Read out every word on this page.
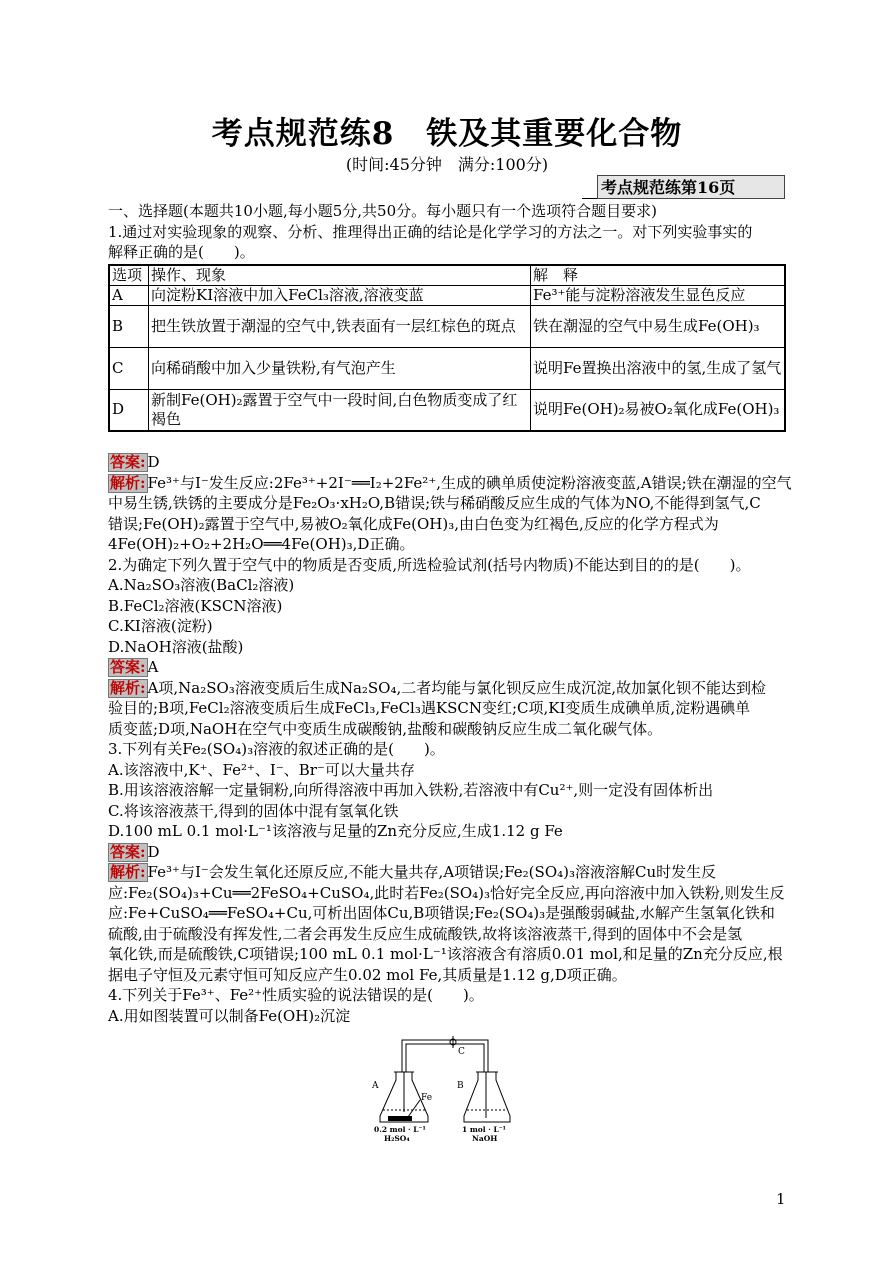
考点规范练8　铁及其重要化合物
(时间:45分钟　满分:100分)
考点规范练第16页
一、选择题(本题共10小题,每小题5分,共50分。每小题只有一个选项符合题目要求)
1.通过对实验现象的观察、分析、推理得出正确的结论是化学学习的方法之一。对下列实验事实的
解释正确的是(　　)。
选项	操作、现象	解　释
A	向淀粉KI溶液中加入FeCl₃溶液,溶液变蓝	Fe³⁺能与淀粉溶液发生显色反应
B	把生铁放置于潮湿的空气中,铁表面有一层红棕色的斑点	铁在潮湿的空气中易生成Fe(OH)₃
C	向稀硝酸中加入少量铁粉,有气泡产生	说明Fe置换出溶液中的氢,生成了氢气
D	新制Fe(OH)₂露置于空气中一段时间,白色物质变成了红褐色	说明Fe(OH)₂易被O₂氧化成Fe(OH)₃
答案: D
解析: Fe³⁺与I⁻发生反应:2Fe³⁺+2I⁻══I₂+2Fe²⁺,生成的碘单质使淀粉溶液变蓝,A错误;铁在潮湿的空气
中易生锈,铁锈的主要成分是Fe₂O₃·xH₂O,B错误;铁与稀硝酸反应生成的气体为NO,不能得到氢气,C
错误;Fe(OH)₂露置于空气中,易被O₂氧化成Fe(OH)₃,由白色变为红褐色,反应的化学方程式为
4Fe(OH)₂+O₂+2H₂O══4Fe(OH)₃,D正确。
2.为确定下列久置于空气中的物质是否变质,所选检验试剂(括号内物质)不能达到目的的是(　　)。
A.Na₂SO₃溶液(BaCl₂溶液)
B.FeCl₂溶液(KSCN溶液)
C.KI溶液(淀粉)
D.NaOH溶液(盐酸)
答案: A
解析: A项,Na₂SO₃溶液变质后生成Na₂SO₄,二者均能与氯化钡反应生成沉淀,故加氯化钡不能达到检
验目的;B项,FeCl₂溶液变质后生成FeCl₃,FeCl₃遇KSCN变红;C项,KI变质生成碘单质,淀粉遇碘单
质变蓝;D项,NaOH在空气中变质生成碳酸钠,盐酸和碳酸钠反应生成二氧化碳气体。
3.下列有关Fe₂(SO₄)₃溶液的叙述正确的是(　　)。
A.该溶液中,K⁺、Fe²⁺、I⁻、Br⁻可以大量共存
B.用该溶液溶解一定量铜粉,向所得溶液中再加入铁粉,若溶液中有Cu²⁺,则一定没有固体析出
C.将该溶液蒸干,得到的固体中混有氢氧化铁
D.100 mL 0.1 mol·L⁻¹该溶液与足量的Zn充分反应,生成1.12 g Fe
答案: D
解析: Fe³⁺与I⁻会发生氧化还原反应,不能大量共存,A项错误;Fe₂(SO₄)₃溶液溶解Cu时发生反
应:Fe₂(SO₄)₃+Cu══2FeSO₄+CuSO₄,此时若Fe₂(SO₄)₃恰好完全反应,再向溶液中加入铁粉,则发生反
应:Fe+CuSO₄══FeSO₄+Cu,可析出固体Cu,B项错误;Fe₂(SO₄)₃是强酸弱碱盐,水解产生氢氧化铁和
硫酸,由于硫酸没有挥发性,二者会再发生反应生成硫酸铁,故将该溶液蒸干,得到的固体中不会是氢
氧化铁,而是硫酸铁,C项错误;100 mL 0.1 mol·L⁻¹该溶液含有溶质0.01 mol,和足量的Zn充分反应,根
据电子守恒及元素守恒可知反应产生0.02 mol Fe,其质量是1.12 g,D项正确。
4.下列关于Fe³⁺、Fe²⁺性质实验的说法错误的是(　　)。
A.用如图装置可以制备Fe(OH)₂沉淀
A	B
C
Fe
0.2 mol · L⁻¹
H₂SO₄
1 mol · L⁻¹
NaOH
1
